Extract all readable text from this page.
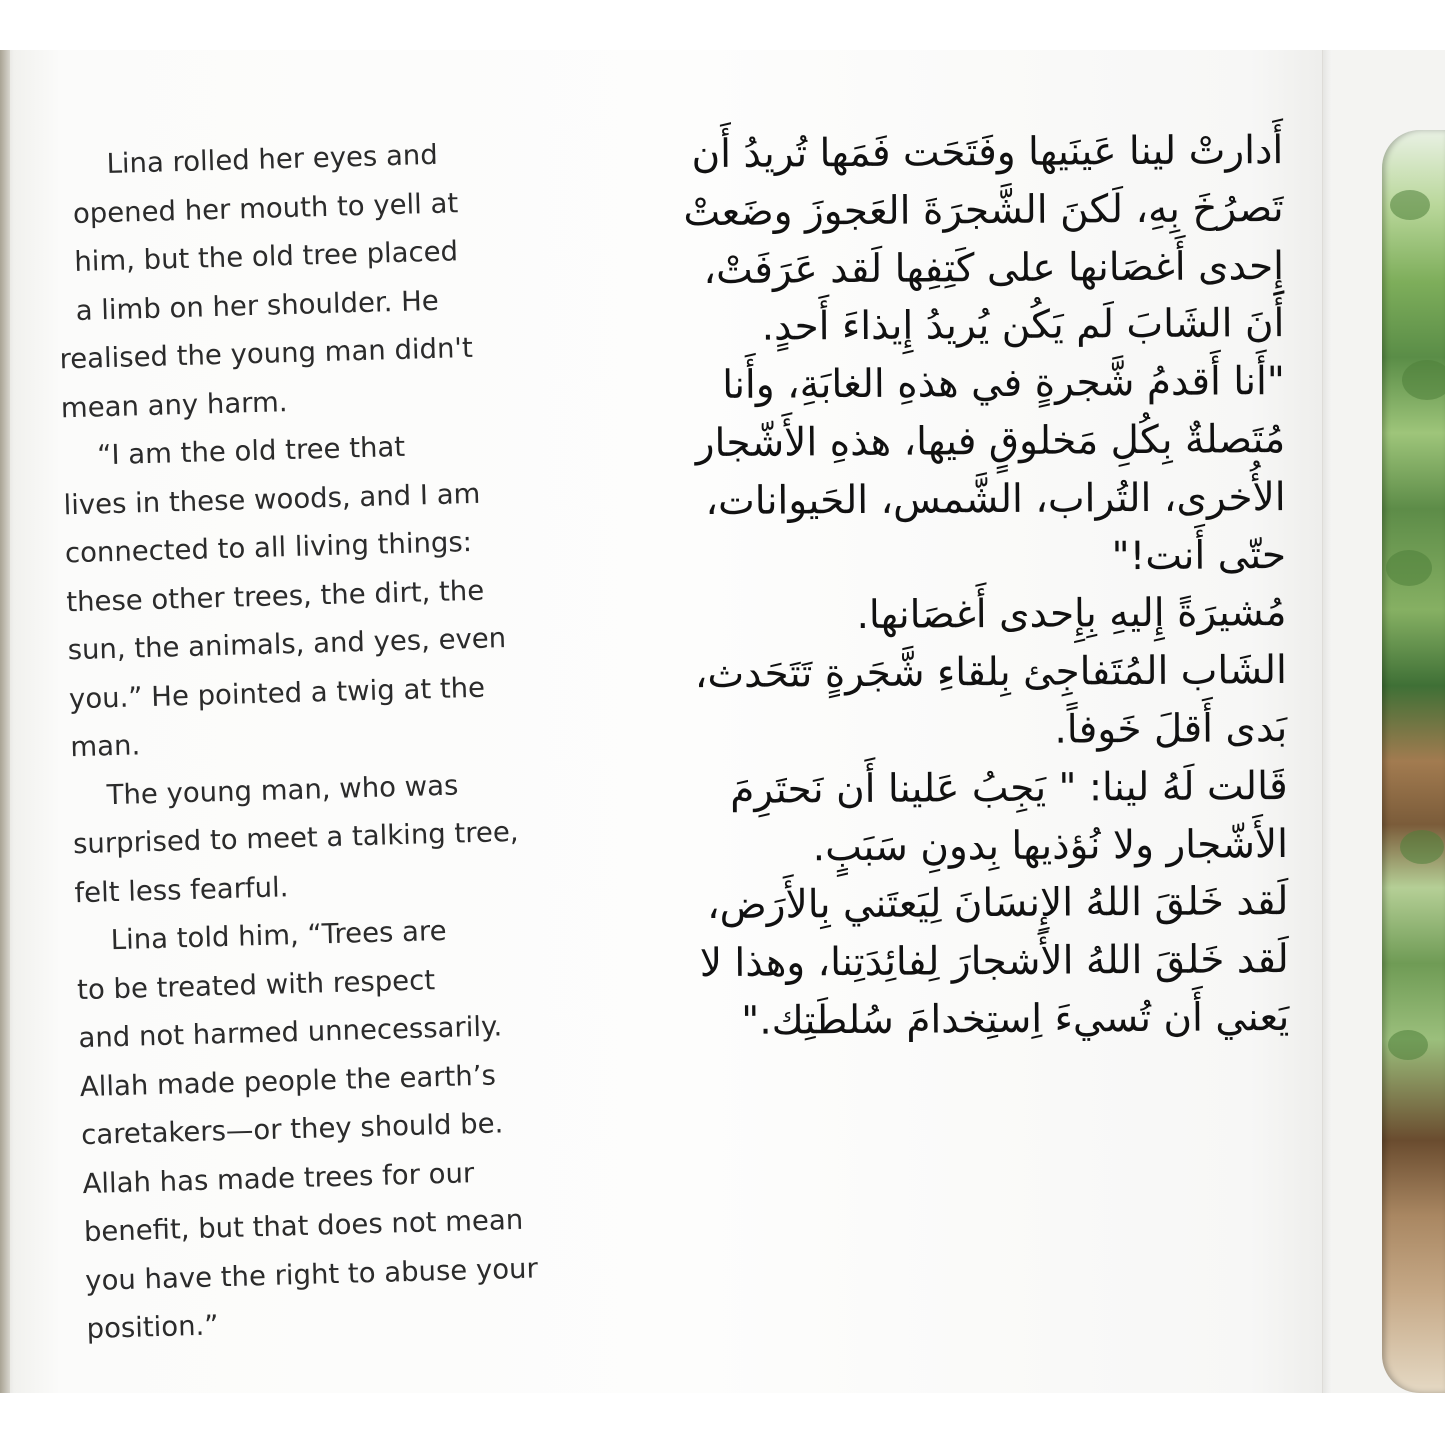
Lina rolled her eyes and
opened her mouth to yell at
him, but the old tree placed
a limb on her shoulder. He
realised the young man didn't
mean any harm.
“I am the old tree that
lives in these woods, and I am
connected to all living things:
these other trees, the dirt, the
sun, the animals, and yes, even
you.” He pointed a twig at the
man.
The young man, who was
surprised to meet a talking tree,
felt less fearful.
Lina told him, “Trees are
to be treated with respect
and not harmed unnecessarily.
Allah made people the earth’s
caretakers—or they should be.
Allah has made trees for our
benefit, but that does not mean
you have the right to abuse your
position.”
أَدارتْ لينا عَينَيها وفَتَحَت فَمَها تُريدُ أَن
تَصرُخَ بِهِ، لَكنَ الشَّجرَةَ العَجوزَ وضَعتْ
إِحدى أَغصَانها على كَتِفِها لَقد عَرَفَتْ،
أَنَ الشَابَ لَم يَكُن يُريدُ إِيذاءَ أَحدٍ.
"أَنا أَقدمُ شَّجرةٍ في هذهِ الغابَةِ، وأَنا
مُتَصلةٌ بِكُلِ مَخلوقٍ فيها، هذهِ الأَشّجار
الأُخرى، التُراب، الشَّمس، الحَيوانات،
حتّى أَنت!"
مُشيرَةً إِليهِ بِإِحدى أَغصَانها.
الشَاب المُتَفاجِئ بِلقاءِ شَّجَرةٍ تَتَحَدث،
بَدى أَقلَ خَوفاً.
قَالت لَهُ لينا: " يَجِبُ عَلينا أَن نَحتَرِمَ
الأَشّجار ولا نُؤذيها بِدونِ سَبَبٍ.
لَقد خَلقَ اللهُ الإِنسَانَ لِيَعتَني بِالأَرَض،
لَقد خَلقَ اللهُ الأَشجارَ لِفائِدَتِنا، وهذا لا
يَعني أَن تُسيءَ اِستِخدامَ سُلطَتِك."
